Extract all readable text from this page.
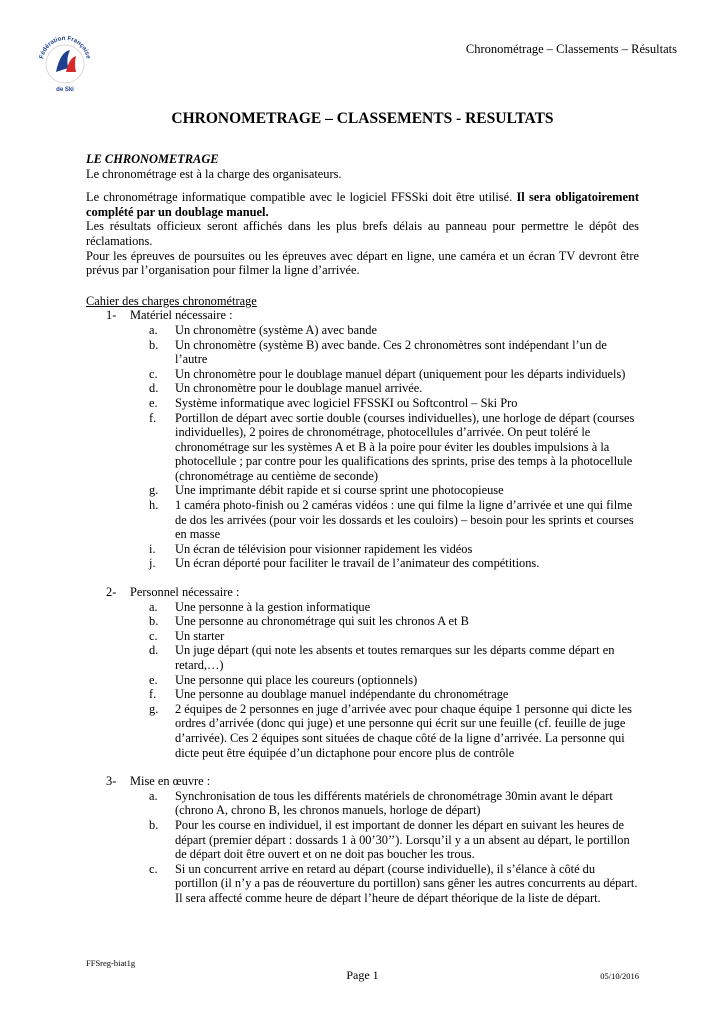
Fédération Française
de Ski
Chronométrage – Classements – Résultats
CHRONOMETRAGE – CLASSEMENTS - RESULTATS
LE CHRONOMETRAGE
Le chronométrage est à la charge des organisateurs.
Le chronométrage informatique compatible avec le logiciel FFSSki doit être utilisé. Il sera obligatoirement complété par un doublage manuel.
Les résultats officieux seront affichés dans les plus brefs délais au panneau pour permettre le dépôt des réclamations.
Pour les épreuves de poursuites ou les épreuves avec départ en ligne, une caméra et un écran TV devront être prévus par l’organisation pour filmer la ligne d’arrivée.
Cahier des charges chronométrage
1- Matériel nécessaire :
a. Un chronomètre (système A) avec bande
b. Un chronomètre (système B) avec bande. Ces 2 chronomètres sont indépendant l’un de l’autre
c. Un chronomètre pour le doublage manuel départ (uniquement pour les départs individuels)
d. Un chronomètre pour le doublage manuel arrivée.
e. Système informatique avec logiciel FFSSKI ou Softcontrol – Ski Pro
f. Portillon de départ avec sortie double (courses individuelles), une horloge de départ (courses individuelles), 2 poires de chronométrage, photocellules d’arrivée. On peut toléré le chronométrage sur les systèmes A et B à la poire pour éviter les doubles impulsions à la photocellule ; par contre pour les qualifications des sprints, prise des temps à la photocellule (chronométrage au centième de seconde)
g. Une imprimante débit rapide et si course sprint une photocopieuse
h. 1 caméra photo-finish ou 2 caméras vidéos : une qui filme la ligne d’arrivée et une qui filme de dos les arrivées (pour voir les dossards et les couloirs) – besoin pour les sprints et courses en masse
i. Un écran de télévision pour visionner rapidement les vidéos
j. Un écran déporté pour faciliter le travail de l’animateur des compétitions.
2- Personnel nécessaire :
a. Une personne à la gestion informatique
b. Une personne au chronométrage qui suit les chronos A et B
c. Un starter
d. Un juge départ (qui note les absents et toutes remarques sur les départs comme départ en retard,…)
e. Une personne qui place les coureurs (optionnels)
f. Une personne au doublage manuel indépendante du chronométrage
g. 2 équipes de 2 personnes en juge d’arrivée avec pour chaque équipe 1 personne qui dicte les ordres d’arrivée (donc qui juge) et une personne qui écrit sur une feuille (cf. feuille de juge d’arrivée). Ces 2 équipes sont situées de chaque côté de la ligne d’arrivée. La personne qui dicte peut être équipée d’un dictaphone pour encore plus de contrôle
3- Mise en œuvre :
a. Synchronisation de tous les différents matériels de chronométrage 30min avant le départ (chrono A, chrono B, les chronos manuels, horloge de départ)
b. Pour les course en individuel, il est important de donner les départ en suivant les heures de départ (premier départ : dossards 1 à 00’30’’). Lorsqu’il y a un absent au départ, le portillon de départ doit être ouvert et on ne doit pas boucher les trous.
c. Si un concurrent arrive en retard au départ (course individuelle), il s’élance à côté du portillon (il n’y a pas de réouverture du portillon) sans gêner les autres concurrents au départ. Il sera affecté comme heure de départ l’heure de départ théorique de la liste de départ.
FFSreg-biat1g
Page 1	05/10/2016
